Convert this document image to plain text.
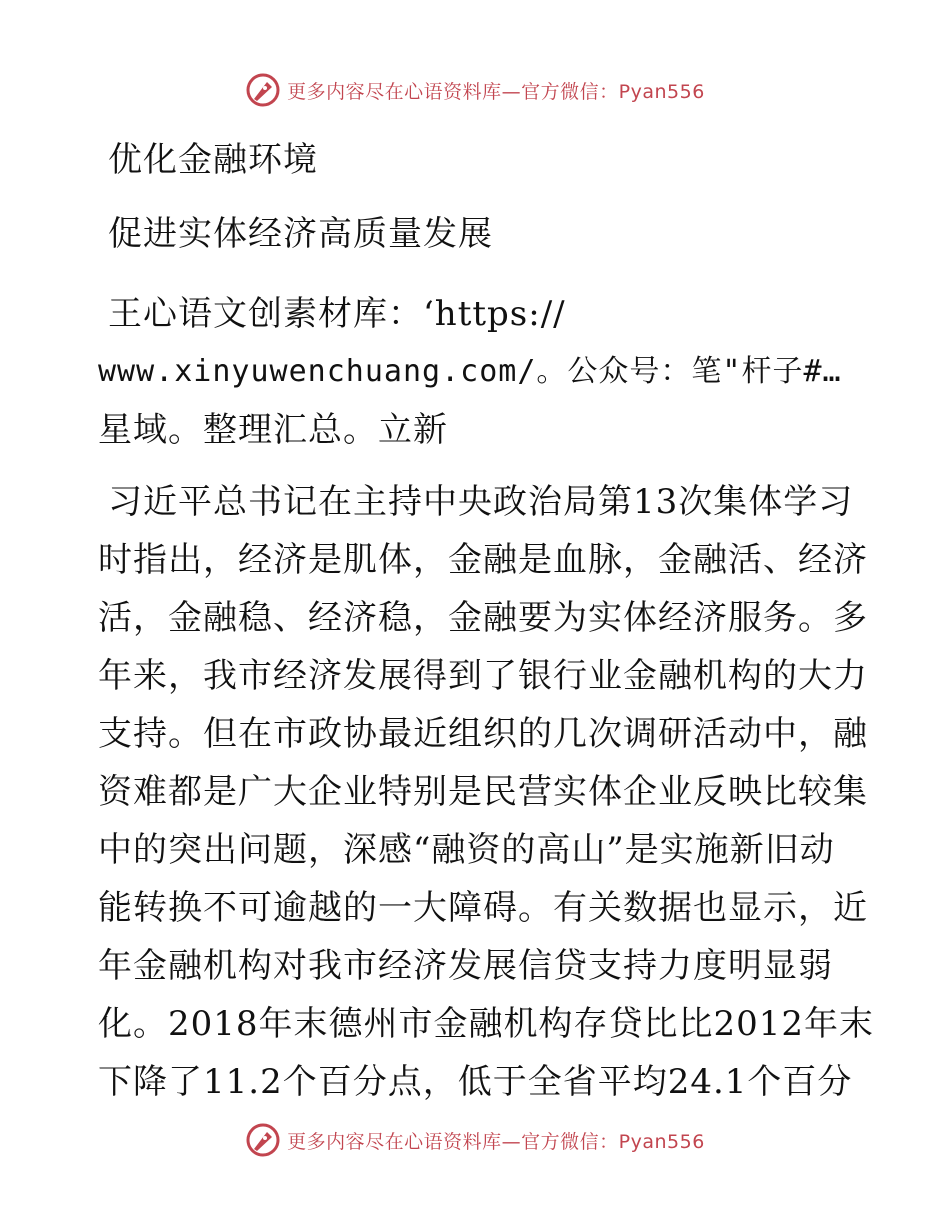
更多内容尽在心语资料库—官方微信：Pyan556
优化金融环境
促进实体经济高质量发展
王心语文创素材库：‘https://
www.xinyuwenchuang.com/。公众号：笔"杆子#…
星域。整理汇总。立新
习近平总书记在主持中央政治局第13次集体学习
时指出，经济是肌体，金融是血脉，金融活、经济
活，金融稳、经济稳，金融要为实体经济服务。多
年来，我市经济发展得到了银行业金融机构的大力
支持。但在市政协最近组织的几次调研活动中，融
资难都是广大企业特别是民营实体企业反映比较集
中的突出问题，深感“融资的高山”是实施新旧动
能转换不可逾越的一大障碍。有关数据也显示，近
年金融机构对我市经济发展信贷支持力度明显弱
化。2018年末德州市金融机构存贷比比2012年末
下降了11.2个百分点，低于全省平均24.1个百分
更多内容尽在心语资料库—官方微信：Pyan556
